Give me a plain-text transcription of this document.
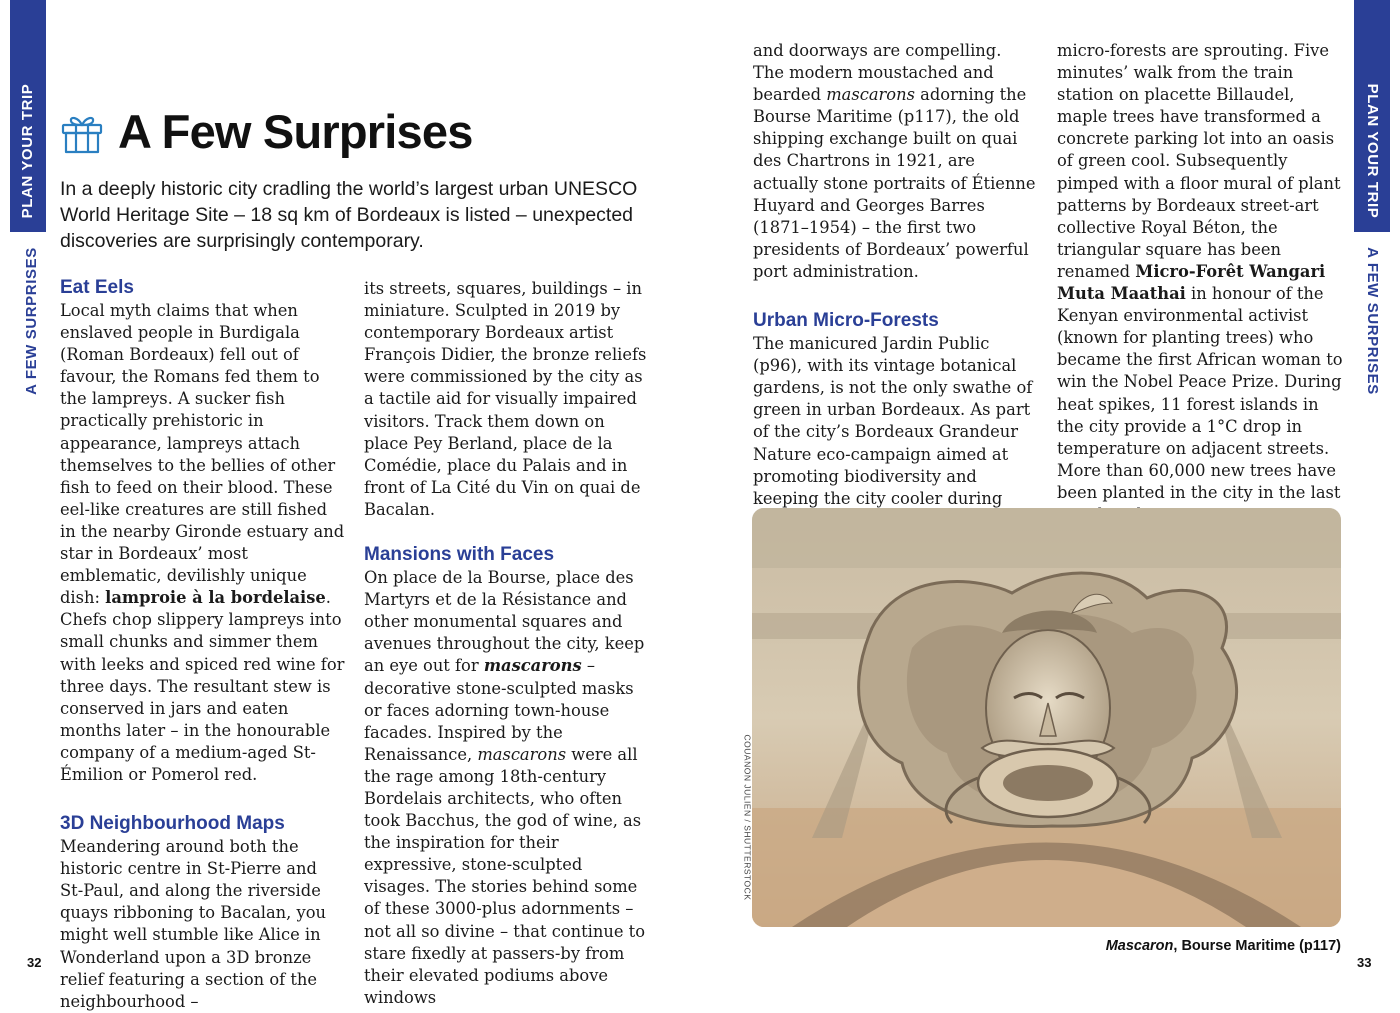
PLAN YOUR TRIP
A FEW SURPRISES
PLAN YOUR TRIP
A FEW SURPRISES
A Few Surprises
In a deeply historic city cradling the world’s largest urban UNESCO World Heritage Site – 18 sq km of Bordeaux is listed – unexpected discoveries are surprisingly contemporary.
Eat Eels

Local myth claims that when enslaved people in Burdigala (Roman Bordeaux) fell out of favour, the Romans fed them to the lampreys. A sucker fish practically prehistoric in appearance, lampreys attach themselves to the bellies of other fish to feed on their blood. These eel-like creatures are still fished in the nearby Gironde estuary and star in Bordeaux’ most emblematic, devilishly unique dish: lamproie à la bordelaise. Chefs chop slippery lampreys into small chunks and simmer them with leeks and spiced red wine for three days. The resultant stew is conserved in jars and eaten months later – in the honourable company of a medium-aged St-Émilion or Pomerol red.

3D Neighbourhood Maps

Meandering around both the historic centre in St-Pierre and St-Paul, and along the riverside quays ribboning to Bacalan, you might well stumble like Alice in Wonderland upon a 3D bronze relief featuring a section of the neighbourhood –

its streets, squares, buildings – in miniature. Sculpted in 2019 by contemporary Bordeaux artist François Didier, the bronze reliefs were commissioned by the city as a tactile aid for visually impaired visitors. Track them down on place Pey Berland, place de la Comédie, place du Palais and in front of La Cité du Vin on quai de Bacalan.

Mansions with Faces

On place de la Bourse, place des Martyrs et de la Résistance and other monumental squares and avenues throughout the city, keep an eye out for mascarons – decorative stone-sculpted masks or faces adorning town-house facades. Inspired by the Renaissance, mascarons were all the rage among 18th-century Bordelais architects, who often took Bacchus, the god of wine, as the inspiration for their expressive, stone-sculpted visages. The stories behind some of these 3000-plus adornments – not all so divine – that continue to stare fixedly at passers-by from their elevated podiums above windows

and doorways are compelling. The modern moustached and bearded mascarons adorning the Bourse Maritime (p117), the old shipping exchange built on quai des Chartrons in 1921, are actually stone portraits of Étienne Huyard and Georges Barres (1871–1954) – the first two presidents of Bordeaux’ powerful port administration.

Urban Micro-Forests

The manicured Jardin Public (p96), with its vintage botanical gardens, is not the only swathe of green in urban Bordeaux. As part of the city’s Bordeaux Grandeur Nature eco-campaign aimed at promoting biodiversity and keeping the city cooler during

micro-forests are sprouting. Five minutes’ walk from the train station on placette Billaudel, maple trees have transformed a concrete parking lot into an oasis of green cool. Subsequently pimped with a floor mural of plant patterns by Bordeaux street-art collective Royal Béton, the triangular square has been renamed Micro-Forêt Wangari Muta Maathai in honour of the Kenyan environmental activist (known for planting trees) who became the first African woman to win the Nobel Peace Prize. During heat spikes, 11 forest islands in the city provide a 1°C drop in temperature on adjacent streets. More than 60,000 new trees have been planted in the city in the last

COUANON JULIEN / SHUTTERSTOCK
Mascaron, Bourse Maritime (p117)
32	33
